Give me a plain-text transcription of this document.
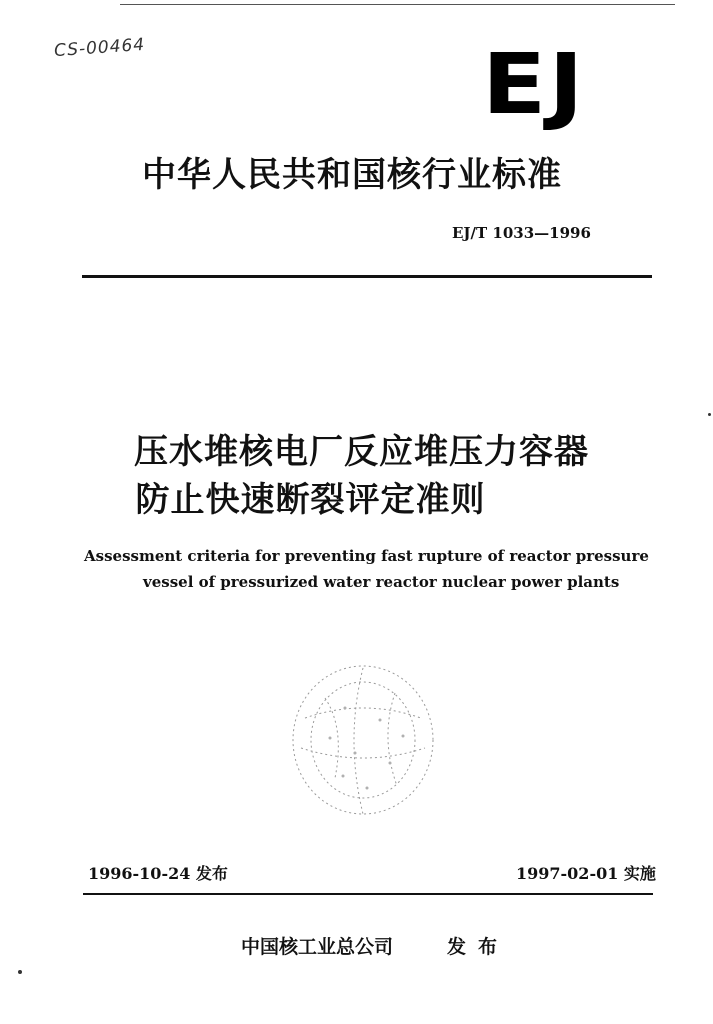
CS-00464	EJ
中华人民共和国核行业标准
EJ/T 1033—1996
压水堆核电厂反应堆压力容器
防止快速断裂评定准则
Assessment criteria for preventing fast rupture of reactor pressure
vessel of pressurized water reactor nuclear power plants
1996-10-24 发布	1997-02-01 实施
中国核工业总公司	发布
